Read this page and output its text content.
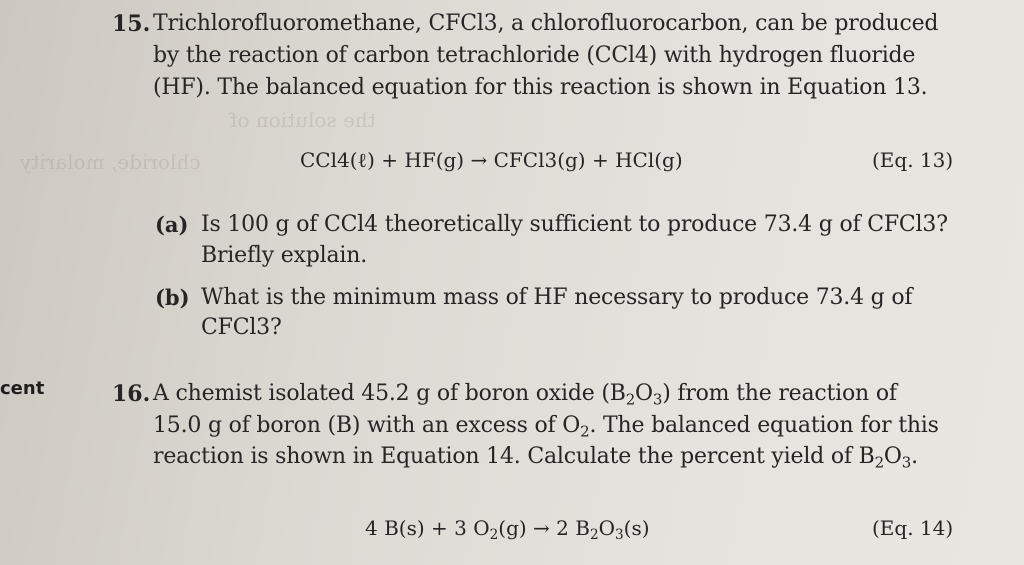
the solution of
chloride, molarity
cent
15. Trichlorofluoromethane, CFCl3, a chlorofluorocarbon, can be produced
by the reaction of carbon tetrachloride (CCl4) with hydrogen fluoride
(HF). The balanced equation for this reaction is shown in Equation 13.
CCl4(ℓ) + HF(g) → CFCl3(g) + HCl(g)	(Eq. 13)
(a) Is 100 g of CCl4 theoretically sufficient to produce 73.4 g of CFCl3?
Briefly explain.
(b) What is the minimum mass of HF necessary to produce 73.4 g of
CFCl3?
16. A chemist isolated 45.2 g of boron oxide $(B_2O_3)$ from the reaction of
15.0 g of boron (B) with an excess of $O_2$. The balanced equation for this
reaction is shown in Equation 14. Calculate the percent yield of $B_2O_3$.
4 B(s) + 3 $O_2(g) \to 2$ $B_2O_3(s)$	(Eq. 14)
